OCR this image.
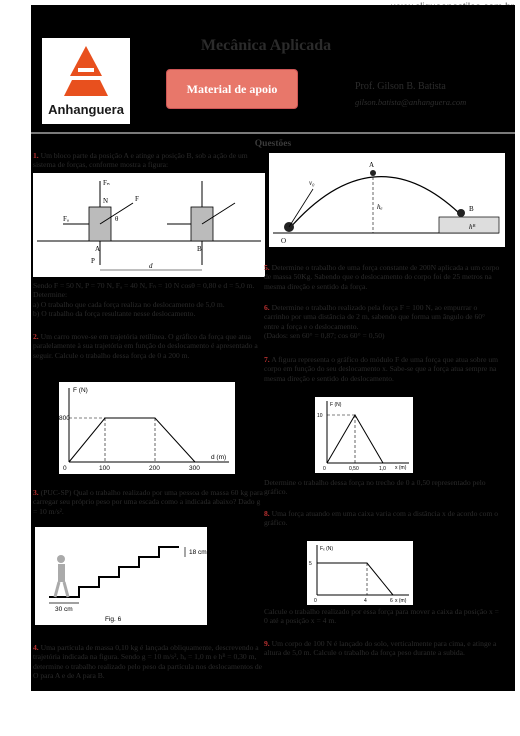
Anhanguera
Mecânica Aplicada
Material de apoio	Prof. Gilson B. Batista
gilson.batista@anhanguera.com
Questões
1. Um bloco parte da posição A e atinge a posição B, sob a ação de um sistema de forças, conforme mostra a figura:
F
Fₙ
Fₐ
P
N
θ
A	B
d
Sendo F = 50 N, P = 70 N, Fₐ = 40 N, Fₙ = 10 N cosθ = 0,80 e d = 5,0 m. Determine:
a) O trabalho que cada força realiza no deslocamento de 5,0 m.
b) O trabalho da força resultante nesse deslocamento.
2. Um carro move-se em trajetória retilínea. O gráfico da força que atua paralelamente à sua trajetória em função do deslocamento é apresentado a seguir. Calcule o trabalho dessa força de 0 a 200 m.
F (N)
d (m)
800
0	100	200	300
3. (PUC-SP) Qual o trabalho realizado por uma pessoa de massa 60 kg para carregar seu próprio peso por uma escada como a indicada abaixo? Dado g = 10 m/s².
18 cm
30 cm
Fig. 6
4. Uma partícula de massa 0,10 kg é lançada obliquamente, descrevendo a trajetória indicada na figura. Sendo g = 10 m/s², hₐ = 1,0 m e hᴮ = 0,30 m, determine o trabalho realizado pelo peso da partícula nos deslocamentos de O para A e de A para B.
v₀
A
hₐ	B
hᴮ
O
5. Determine o trabalho de uma força constante de 200N aplicada a um corpo de massa 50Kg. Sabendo que o deslocamento do corpo foi de 25 metros na mesma direção e sentido da força.
6. Determine o trabalho realizado pela força F = 100 N, ao empurrar o carrinho por uma distância de 2 m, sabendo que forma um ângulo de 60° entre a força e o deslocamento.
(Dados: sen 60° = 0,87; cos 60° = 0,50)
7. A figura representa o gráfico do módulo F de uma força que atua sobre um corpo em função do seu deslocamento x. Sabe-se que a força atua sempre na mesma direção e sentido do deslocamento.
F (N)
x (m)
10
0	0,50	1,0
Determine o trabalho dessa força no trecho de 0 a 0,50 representado pelo gráfico.
8. Uma força atuando em uma caixa varia com a distância x de acordo com o gráfico.
Fₓ (N)
x (m)
5
0	4	6
Calcule o trabalho realizado por essa força para mover a caixa da posição x = 0 até a posição x = 4 m.
9. Um corpo de 100 N é lançado do solo, verticalmente para cima, e atinge a altura de 5,0 m. Calcule o trabalho da força peso durante a subida.
